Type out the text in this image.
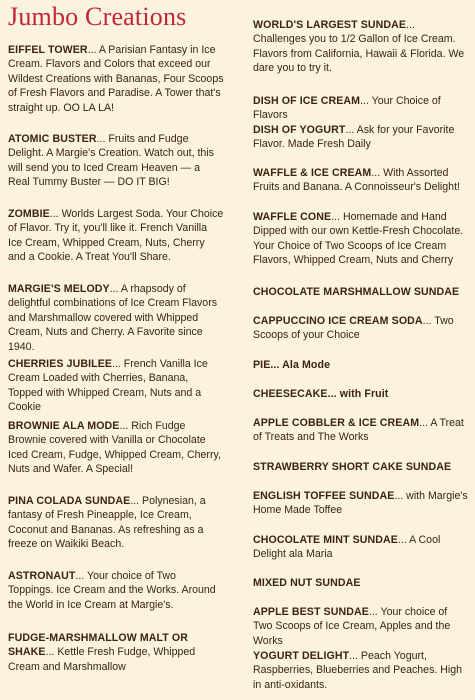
Jumbo Creations

EIFFEL TOWER... A Parisian Fantasy in Ice Cream. Flavors and Colors that exceed our Wildest Creations with Bananas, Four Scoops of Fresh Flavors and Paradise. A Tower that's straight up. OO LA LA!

ATOMIC BUSTER... Fruits and Fudge Delight. A Margie's Creation. Watch out, this will send you to Iced Cream Heaven — a Real Tummy Buster — DO IT BIG!

ZOMBIE... Worlds Largest Soda. Your Choice of Flavor. Try it, you'll like it. French Vanilla Ice Cream, Whipped Cream, Nuts, Cherry and a Cookie. A Treat You'll Share.

MARGIE'S MELODY... A rhapsody of delightful combinations of Ice Cream Flavors and Marshmallow covered with Whipped Cream, Nuts and Cherry. A Favorite since 1940.

CHERRIES JUBILEE... French Vanilla Ice Cream Loaded with Cherries, Banana, Topped with Whipped Cream, Nuts and a Cookie

BROWNIE ALA MODE... Rich Fudge Brownie covered with Vanilla or Chocolate Iced Cream, Fudge, Whipped Cream, Cherry, Nuts and Wafer. A Special!

PINA COLADA SUNDAE... Polynesian, a fantasy of Fresh Pineapple, Ice Cream, Coconut and Bananas. As refreshing as a freeze on Waikiki Beach.

ASTRONAUT... Your choice of Two Toppings. Ice Cream and the Works. Around the World in Ice Cream at Margie's.

FUDGE-MARSHMALLOW MALT OR SHAKE... Kettle Fresh Fudge, Whipped Cream and Marshmallow

WORLD'S LARGEST SUNDAE... Challenges you to 1/2 Gallon of Ice Cream. Flavors from California, Hawaii & Florida. We dare you to try it.

DISH OF ICE CREAM... Your Choice of Flavors

DISH OF YOGURT... Ask for your Favorite Flavor. Made Fresh Daily

WAFFLE & ICE CREAM... With Assorted Fruits and Banana. A Connoisseur's Delight!

WAFFLE CONE... Homemade and Hand Dipped with our own Kettle-Fresh Chocolate. Your Choice of Two Scoops of Ice Cream Flavors, Whipped Cream, Nuts and Cherry

CHOCOLATE MARSHMALLOW SUNDAE

CAPPUCCINO ICE CREAM SODA... Two Scoops of your Choice

PIE... Ala Mode

CHEESECAKE... with Fruit

APPLE COBBLER & ICE CREAM... A Treat of Treats and The Works

STRAWBERRY SHORT CAKE SUNDAE

ENGLISH TOFFEE SUNDAE... with Margie's Home Made Toffee

CHOCOLATE MINT SUNDAE... A Cool Delight ala Maria

MIXED NUT SUNDAE

APPLE BEST SUNDAE... Your choice of Two Scoops of Ice Cream, Apples and the Works

YOGURT DELIGHT... Peach Yogurt, Raspberries, Blueberries and Peaches. High in anti-oxidants.
